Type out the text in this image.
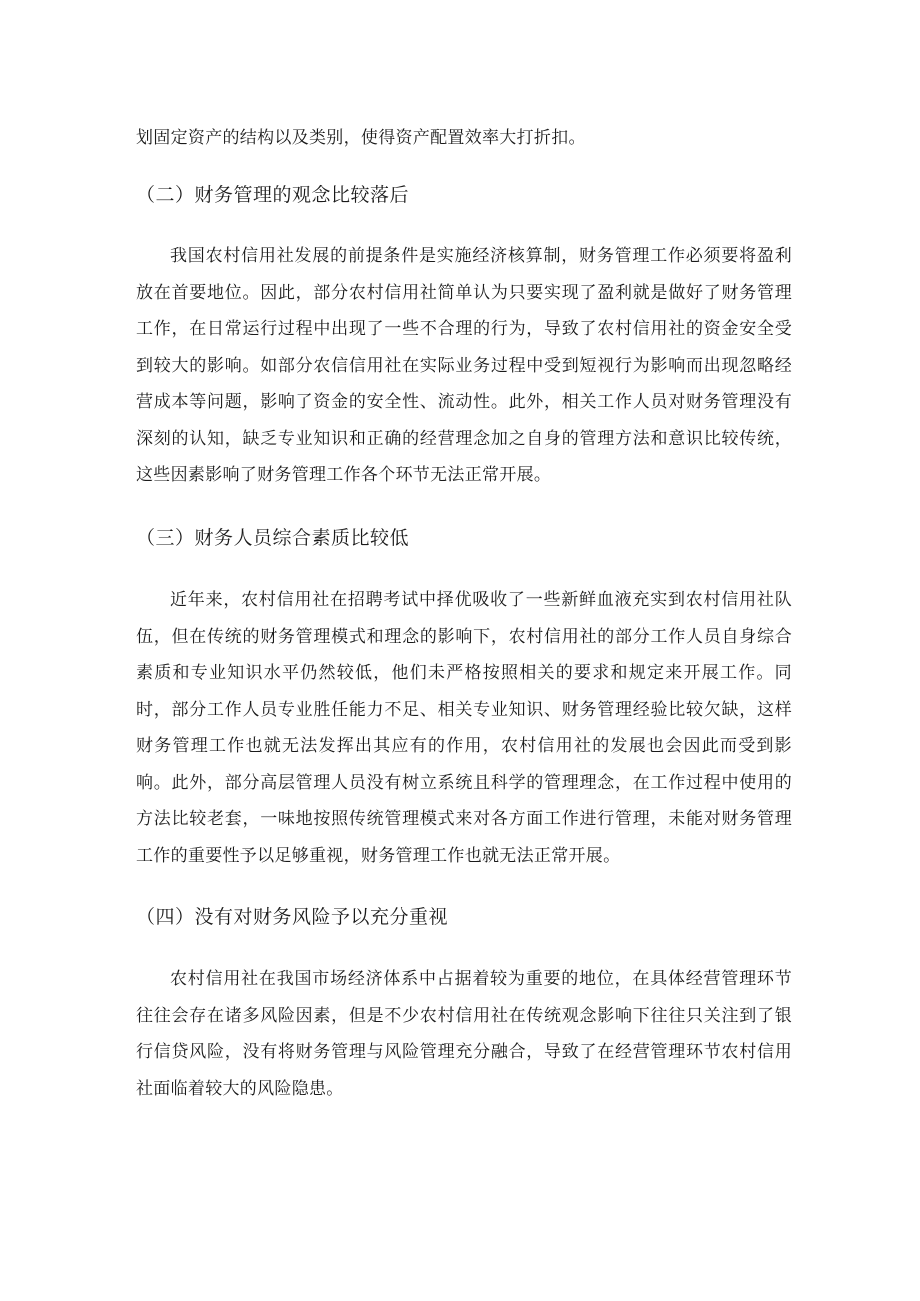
划固定资产的结构以及类别，使得资产配置效率大打折扣。

（二）财务管理的观念比较落后

我国农村信用社发展的前提条件是实施经济核算制，财务管理工作必须要将盈利放在首要地位。因此，部分农村信用社简单认为只要实现了盈利就是做好了财务管理工作，在日常运行过程中出现了一些不合理的行为，导致了农村信用社的资金安全受到较大的影响。如部分农信信用社在实际业务过程中受到短视行为影响而出现忽略经营成本等问题，影响了资金的安全性、流动性。此外，相关工作人员对财务管理没有深刻的认知，缺乏专业知识和正确的经营理念加之自身的管理方法和意识比较传统，这些因素影响了财务管理工作各个环节无法正常开展。

（三）财务人员综合素质比较低

近年来，农村信用社在招聘考试中择优吸收了一些新鲜血液充实到农村信用社队伍，但在传统的财务管理模式和理念的影响下，农村信用社的部分工作人员自身综合素质和专业知识水平仍然较低，他们未严格按照相关的要求和规定来开展工作。同时，部分工作人员专业胜任能力不足、相关专业知识、财务管理经验比较欠缺，这样财务管理工作也就无法发挥出其应有的作用，农村信用社的发展也会因此而受到影响。此外，部分高层管理人员没有树立系统且科学的管理理念，在工作过程中使用的方法比较老套，一味地按照传统管理模式来对各方面工作进行管理，未能对财务管理工作的重要性予以足够重视，财务管理工作也就无法正常开展。

（四）没有对财务风险予以充分重视

农村信用社在我国市场经济体系中占据着较为重要的地位，在具体经营管理环节往往会存在诸多风险因素，但是不少农村信用社在传统观念影响下往往只关注到了银行信贷风险，没有将财务管理与风险管理充分融合，导致了在经营管理环节农村信用社面临着较大的风险隐患。
